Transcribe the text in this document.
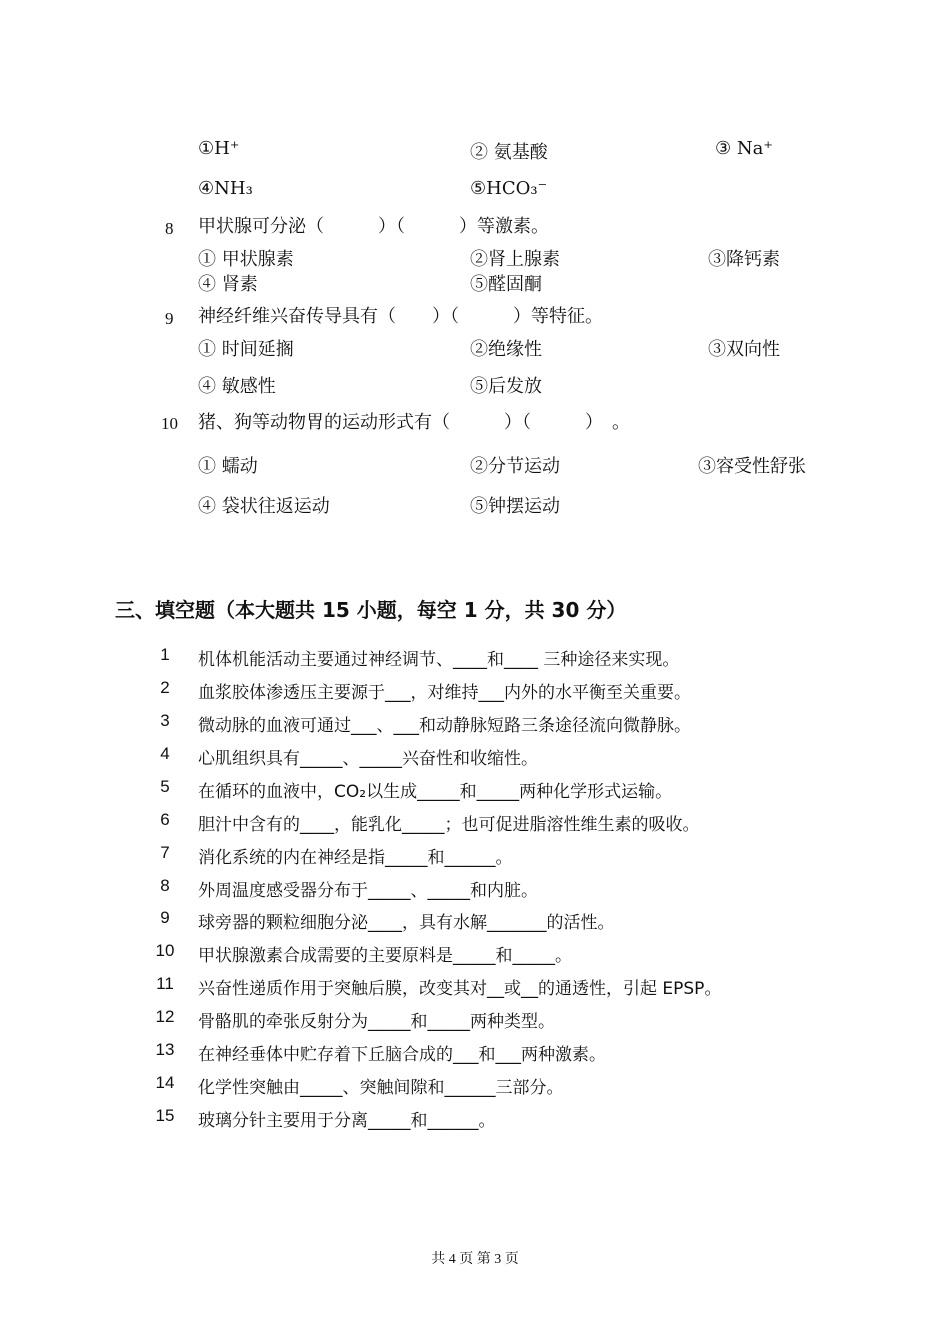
①H⁺	② 氨基酸	③ Na⁺
④NH₃	⑤HCO₃⁻
8 甲状腺可分泌（　　　）（　　　）等激素。
① 甲状腺素	②肾上腺素	③降钙素
④ 肾素	⑤醛固酮
9 神经纤维兴奋传导具有（　　）（　　　）等特征。
① 时间延搁	②绝缘性	③双向性
④ 敏感性	⑤后发放
10 猪、狗等动物胃的运动形式有（　　　）（　　　）　。
① 蠕动	②分节运动	③容受性舒张
④ 袋状往返运动	⑤钟摆运动
三、填空题（本大题共 15 小题，每空 1 分，共 30 分）
1	机体机能活动主要通过神经调节、____和____ 三种途径来实现。
2	血浆胶体渗透压主要源于___，对维持___内外的水平衡至关重要。
3	微动脉的血液可通过___、___和动静脉短路三条途径流向微静脉。
4	心肌组织具有_____、_____兴奋性和收缩性。
5	在循环的血液中，CO₂以生成_____和_____两种化学形式运输。
6	胆汁中含有的____，能乳化_____；也可促进脂溶性维生素的吸收。
7	消化系统的内在神经是指_____和______。
8	外周温度感受器分布于_____、_____和内脏。
9	球旁器的颗粒细胞分泌____，具有水解_______的活性。
10	甲状腺激素合成需要的主要原料是_____和_____。
11	兴奋性递质作用于突触后膜，改变其对__或__的通透性，引起 EPSP。
12	骨骼肌的牵张反射分为_____和_____两种类型。
13	在神经垂体中贮存着下丘脑合成的___和___两种激素。
14	化学性突触由_____、突触间隙和______三部分。
15	玻璃分针主要用于分离_____和______。
共 4 页 第 3 页
